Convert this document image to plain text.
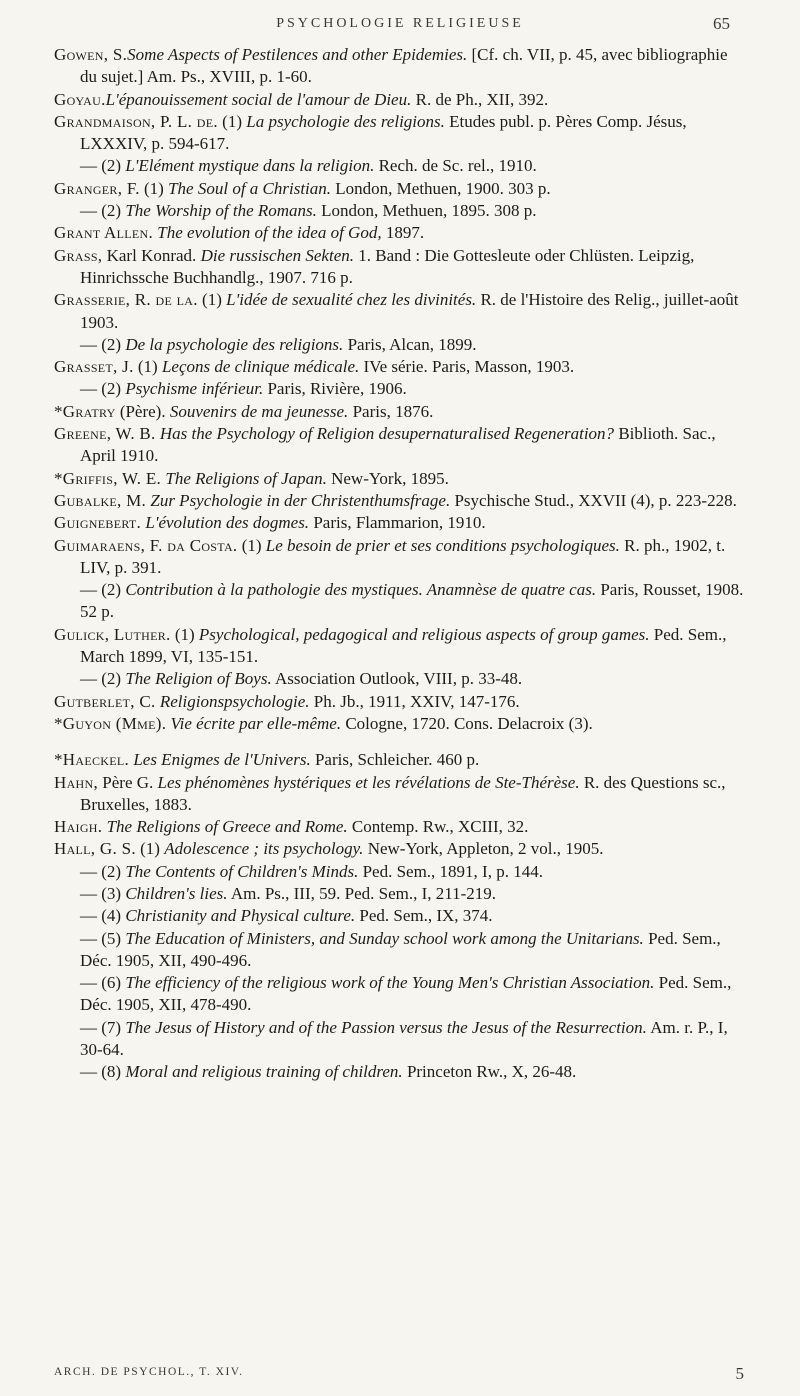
PSYCHOLOGIE RELIGIEUSE	65

Gowen, S.Some Aspects of Pestilences and other Epidemies. [Cf. ch. VII, p. 45, avec bibliographie du sujet.] Am. Ps., XVIII, p. 1-60.

Goyau.L'épanouissement social de l'amour de Dieu. R. de Ph., XII, 392.

Grandmaison, P. L. de. (1) La psychologie des religions. Etudes publ. p. Pères Comp. Jésus, LXXXIV, p. 594-617.

— (2) L'Elément mystique dans la religion. Rech. de Sc. rel., 1910.

Granger, F. (1) The Soul of a Christian. London, Methuen, 1900. 303 p.

— (2) The Worship of the Romans. London, Methuen, 1895. 308 p.

Grant Allen. The evolution of the idea of God, 1897.

Grass, Karl Konrad. Die russischen Sekten. 1. Band : Die Gottesleute oder Chlüsten. Leipzig, Hinrichssche Buchhandlg., 1907. 716 p.

Grasserie, R. de la. (1) L'idée de sexualité chez les divinités. R. de l'Histoire des Relig., juillet-août 1903.

— (2) De la psychologie des religions. Paris, Alcan, 1899.

Grasset, J. (1) Leçons de clinique médicale. IVe série. Paris, Masson, 1903.

— (2) Psychisme inférieur. Paris, Rivière, 1906.

*Gratry (Père). Souvenirs de ma jeunesse. Paris, 1876.

Greene, W. B. Has the Psychology of Religion desupernaturalised Regeneration? Biblioth. Sac., April 1910.

*Griffis, W. E. The Religions of Japan. New-York, 1895.

Gubalke, M. Zur Psychologie in der Christenthumsfrage. Psychische Stud., XXVII (4), p. 223-228.

Guignebert. L'évolution des dogmes. Paris, Flammarion, 1910.

Guimaraens, F. da Costa. (1) Le besoin de prier et ses conditions psychologiques. R. ph., 1902, t. LIV, p. 391.

— (2) Contribution à la pathologie des mystiques. Anamnèse de quatre cas. Paris, Rousset, 1908. 52 p.

Gulick, Luther. (1) Psychological, pedagogical and religious aspects of group games. Ped. Sem., March 1899, VI, 135-151.

— (2) The Religion of Boys. Association Outlook, VIII, p. 33-48.

Gutberlet, C. Religionspsychologie. Ph. Jb., 1911, XXIV, 147-176.

*Guyon (Mme). Vie écrite par elle-même. Cologne, 1720. Cons. Delacroix (3).

*Haeckel. Les Enigmes de l'Univers. Paris, Schleicher. 460 p.

Hahn, Père G. Les phénomènes hystériques et les révélations de Ste-Thérèse. R. des Questions sc., Bruxelles, 1883.

Haigh. The Religions of Greece and Rome. Contemp. Rw., XCIII, 32.

Hall, G. S. (1) Adolescence ; its psychology. New-York, Appleton, 2 vol., 1905.

— (2) The Contents of Children's Minds. Ped. Sem., 1891, I, p. 144.

— (3) Children's lies. Am. Ps., III, 59. Ped. Sem., I, 211-219.

— (4) Christianity and Physical culture. Ped. Sem., IX, 374.

— (5) The Education of Ministers, and Sunday school work among the Unitarians. Ped. Sem., Déc. 1905, XII, 490-496.

— (6) The efficiency of the religious work of the Young Men's Christian Association. Ped. Sem., Déc. 1905, XII, 478-490.

— (7) The Jesus of History and of the Passion versus the Jesus of the Resurrection. Am. r. P., I, 30-64.

— (8) Moral and religious training of children. Princeton Rw., X, 26-48.

ARCH. DE PSYCHOL., T. XIV.	5
